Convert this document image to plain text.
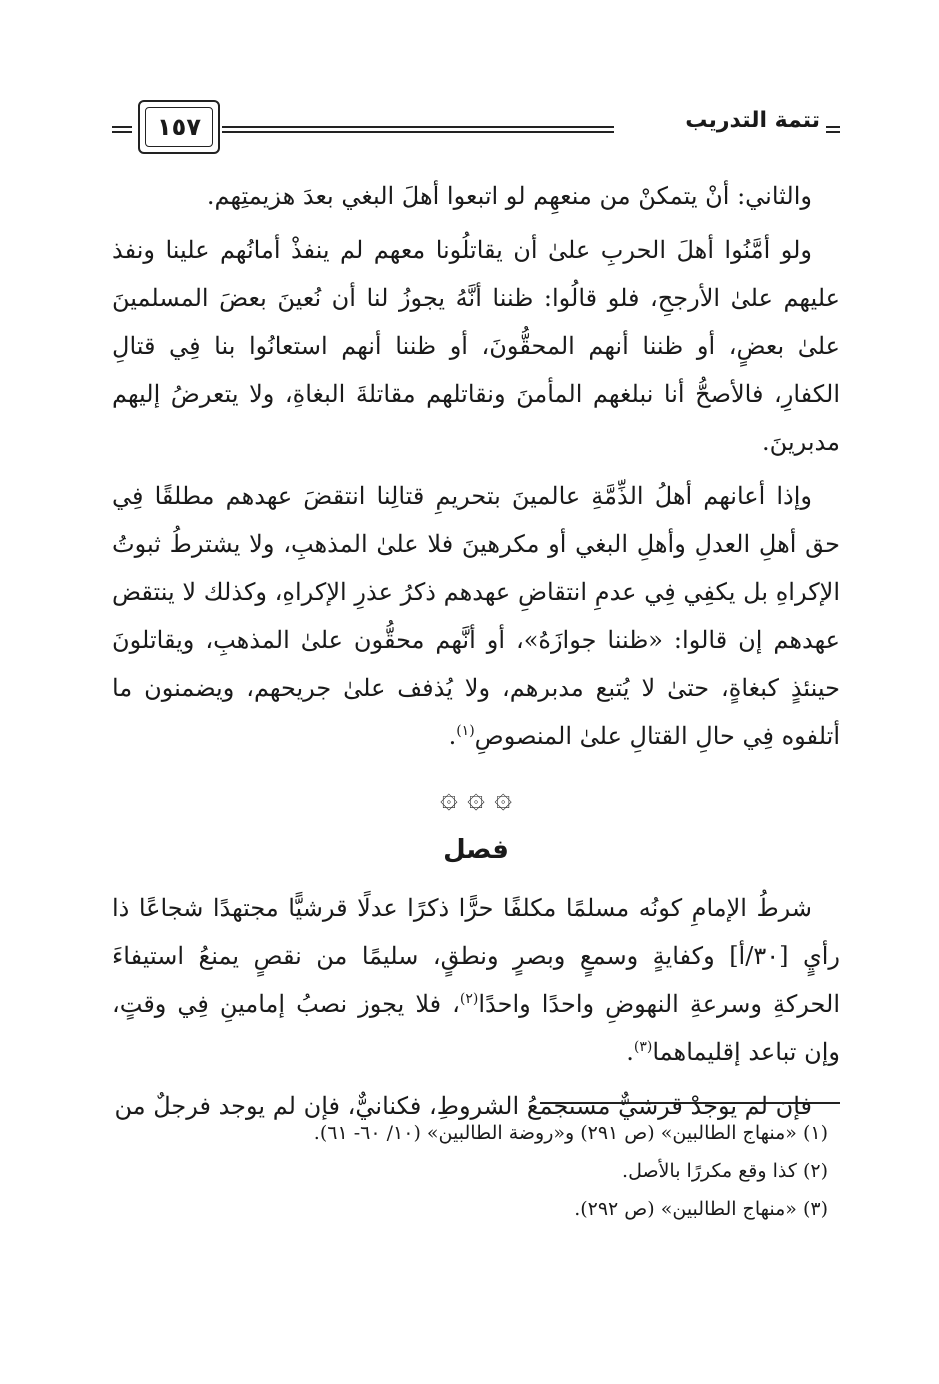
١٥٧	تتمة التدريب

والثاني: أنْ يتمكنْ من منعهِم لو اتبعوا أهلَ البغي بعدَ هزيمتِهم.

ولو أمَّنُوا أهلَ الحربِ علىٰ أن يقاتلُونا معهم لم ينفذْ أمانُهم علينا ونفذ عليهم علىٰ الأرجحِ، فلو قالُوا: ظننا أنَّهُ يجوزُ لنا أن نُعينَ بعضَ المسلمينَ علىٰ بعضٍ، أو ظننا أنهم المحقُّونَ، أو ظننا أنهم استعانُوا بنا فِي قتالِ الكفارِ، فالأصحُّ أنا نبلغهم المأمنَ ونقاتلهم مقاتلةَ البغاةِ، ولا يتعرضُ إليهم مدبرينَ.

وإذا أعانهم أهلُ الذِّمَّةِ عالمينَ بتحريمِ قتالِنا انتقضَ عهدهم مطلقًا فِي حق أهلِ العدلِ وأهلِ البغي أو مكرهينَ فلا علىٰ المذهبِ، ولا يشترطُ ثبوتُ الإكراهِ بل يكفِي فِي عدمِ انتقاضِ عهدهم ذكرُ عذرِ الإكراهِ، وكذلك لا ينتقض عهدهم إن قالوا: «ظننا جوازَهُ»، أو أنَّهم محقُّون علىٰ المذهبِ، ويقاتلونَ حينئذٍ كبغاةٍ، حتىٰ لا يُتبع مدبرهم، ولا يُذفف علىٰ جريحهم، ويضمنون ما أتلفوه فِي حالِ القتالِ علىٰ المنصوصِ$^{(١)}$.

۞ ۞ ۞
فصل

شرطُ الإمامِ كونُه مسلمًا مكلفًا حرًّا ذكرًا عدلًا قرشيًّا مجتهدًا شجاعًا ذا رأيٍ [٣٠/أ] وكفايةٍ وسمعٍ وبصرٍ ونطقٍ، سليمًا من نقصٍ يمنعُ استيفاءَ الحركةِ وسرعةِ النهوضِ واحدًا واحدًا$^{(٢)}$، فلا يجوز نصبُ إمامينِ فِي وقتٍ، وإن تباعد إقليماهما$^{(٣)}$.

فإن لم يوجدْ قرشيٌّ مستجمعُ الشروطِ، فكنانيٌّ، فإن لم يوجد فرجلٌ من

(١) «منهاج الطالبين» (ص ٢٩١) و«روضة الطالبين» (١٠/ ٦٠- ٦١).

(٢) كذا وقع مكررًا بالأصل.

(٣) «منهاج الطالبين» (ص ٢٩٢).
